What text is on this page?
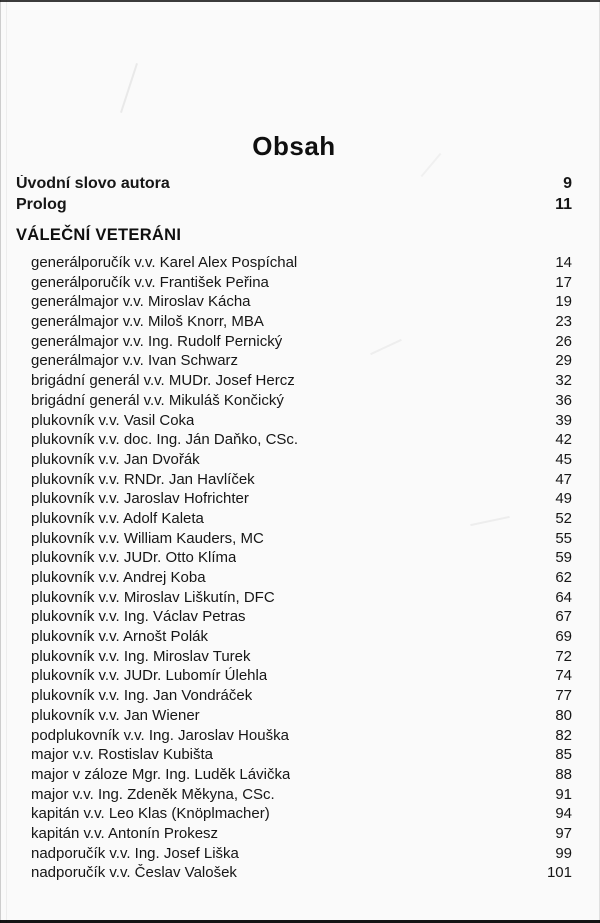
Obsah
Úvodní slovo autora	9
Prolog	11
VÁLEČNÍ VETERÁNI
generálporučík v.v. Karel Alex Pospíchal	14
generálporučík v.v. František Peřina	17
generálmajor v.v. Miroslav Kácha	19
generálmajor v.v. Miloš Knorr, MBA	23
generálmajor v.v. Ing. Rudolf Pernický	26
generálmajor v.v. Ivan Schwarz	29
brigádní generál v.v. MUDr. Josef Hercz	32
brigádní generál v.v. Mikuláš Končický	36
plukovník v.v. Vasil Coka	39
plukovník v.v. doc. Ing. Ján Daňko, CSc.	42
plukovník v.v. Jan Dvořák	45
plukovník v.v. RNDr. Jan Havlíček	47
plukovník v.v. Jaroslav Hofrichter	49
plukovník v.v. Adolf Kaleta	52
plukovník v.v. William Kauders, MC	55
plukovník v.v. JUDr. Otto Klíma	59
plukovník v.v. Andrej Koba	62
plukovník v.v. Miroslav Liškutín, DFC	64
plukovník v.v. Ing. Václav Petras	67
plukovník v.v. Arnošt Polák	69
plukovník v.v. Ing. Miroslav Turek	72
plukovník v.v. JUDr. Lubomír Úlehla	74
plukovník v.v. Ing. Jan Vondráček	77
plukovník v.v. Jan Wiener	80
podplukovník v.v. Ing. Jaroslav Houška	82
major v.v. Rostislav Kubišta	85
major v záloze Mgr. Ing. Luděk Lávička	88
major v.v. Ing. Zdeněk Měkyna, CSc.	91
kapitán v.v. Leo Klas (Knöplmacher)	94
kapitán v.v. Antonín Prokesz	97
nadporučík v.v. Ing. Josef Liška	99
nadporučík v.v. Česlav Valošek	101
